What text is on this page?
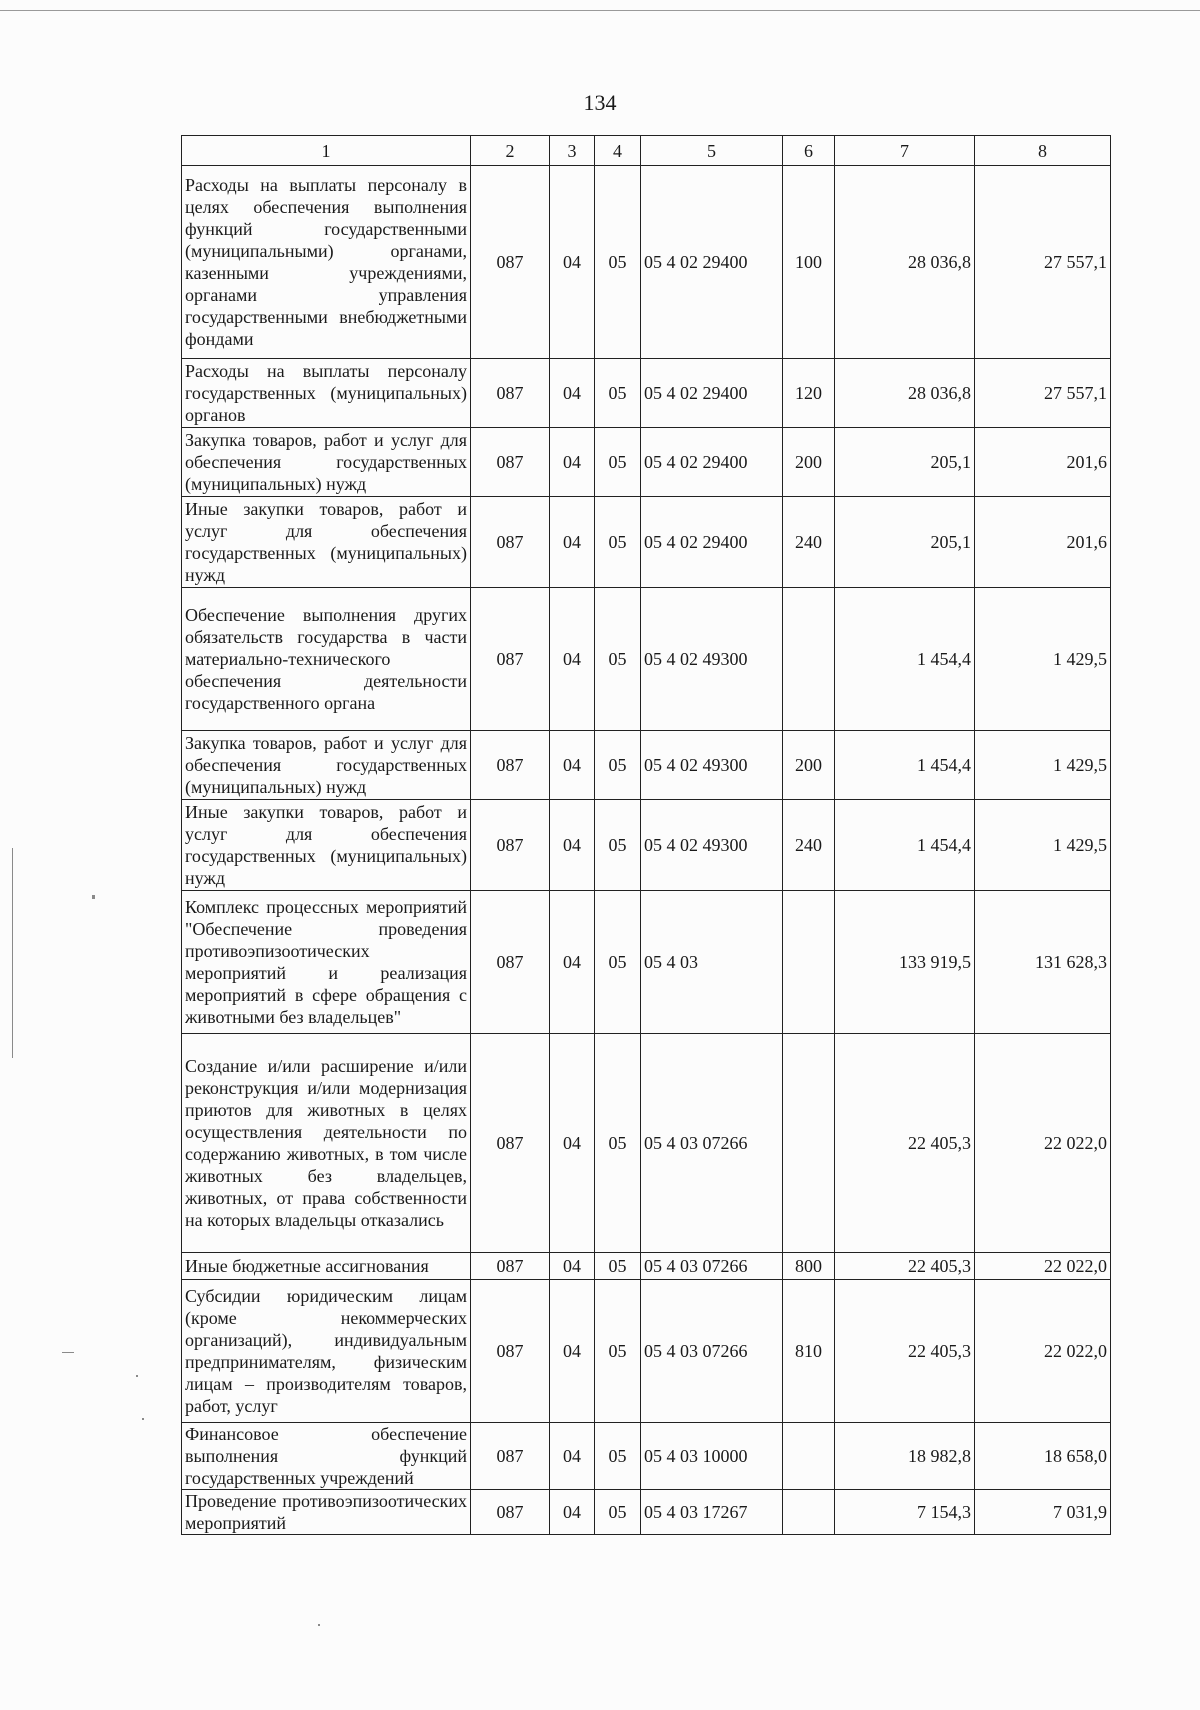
134
1	2	3	4	5	6	7	8
Расходы на выплаты персоналу в целях обеспечения выполнения функций государственными (муниципальными) органами, казенными учреждениями, органами управления государственными внебюджетными фондами	087	04	05	05 4 02 29400	100	28 036,8	27 557,1
Расходы на выплаты персоналу государственных (муниципальных) органов	087	04	05	05 4 02 29400	120	28 036,8	27 557,1
Закупка товаров, работ и услуг для обеспечения государственных (муниципальных) нужд	087	04	05	05 4 02 29400	200	205,1	201,6
Иные закупки товаров, работ и услуг для обеспечения государственных (муниципальных) нужд	087	04	05	05 4 02 29400	240	205,1	201,6
Обеспечение выполнения других обязательств государства в части материально-технического обеспечения деятельности государственного органа	087	04	05	05 4 02 49300		1 454,4	1 429,5
Закупка товаров, работ и услуг для обеспечения государственных (муниципальных) нужд	087	04	05	05 4 02 49300	200	1 454,4	1 429,5
Иные закупки товаров, работ и услуг для обеспечения государственных (муниципальных) нужд	087	04	05	05 4 02 49300	240	1 454,4	1 429,5
Комплекс процессных мероприятий "Обеспечение проведения противоэпизоотических мероприятий и реализация мероприятий в сфере обращения с животными без владельцев"	087	04	05	05 4 03		133 919,5	131 628,3
Создание и/или расширение и/или реконструкция и/или модернизация приютов для животных в целях осуществления деятельности по содержанию животных, в том числе животных без владельцев, животных, от права собственности на которых владельцы отказались	087	04	05	05 4 03 07266		22 405,3	22 022,0
Иные бюджетные ассигнования	087	04	05	05 4 03 07266	800	22 405,3	22 022,0
Субсидии юридическим лицам (кроме некоммерческих организаций), индивидуальным предпринимателям, физическим лицам – производителям товаров, работ, услуг	087	04	05	05 4 03 07266	810	22 405,3	22 022,0
Финансовое обеспечение выполнения функций государственных учреждений	087	04	05	05 4 03 10000		18 982,8	18 658,0
Проведение противоэпизоотических мероприятий	087	04	05	05 4 03 17267		7 154,3	7 031,9
